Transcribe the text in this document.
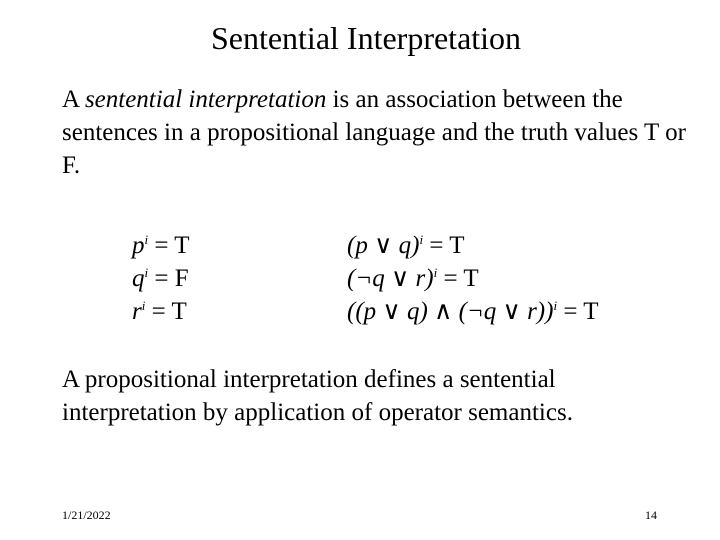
Sentential Interpretation
A sentential interpretation is an association between the sentences in a propositional language and the truth values T or F.
$p^i = T$
$q^i = F$
$r^i = T$
(p ∨ q)$^i$ = T
(¬q ∨ r)$^i$ = T
((p ∨ q) ∧ (¬q ∨ r))$^i$ = T
A propositional interpretation defines a sentential interpretation by application of operator semantics.
1/21/2022	14
